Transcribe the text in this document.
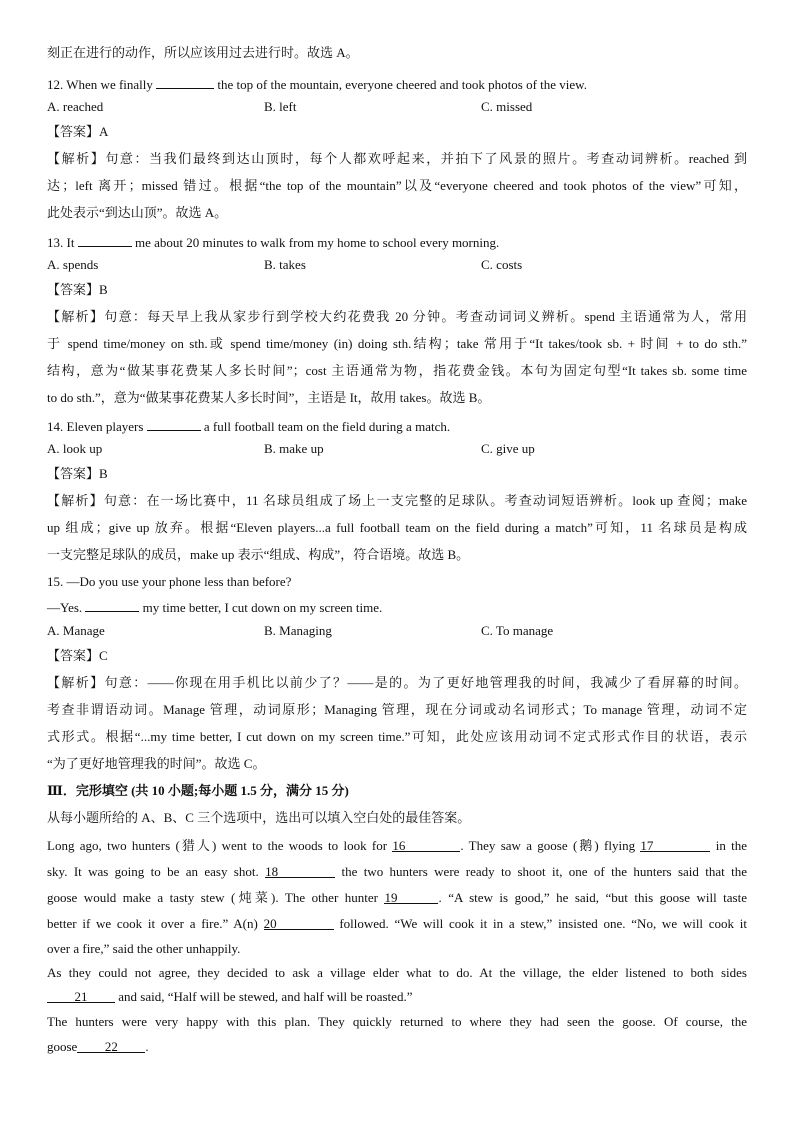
刻正在进行的动作，所以应该用过去进行时。故选 A。
12. When we finally	the top of the mountain, everyone cheered and took photos of the view.
A. reached	B. left	C. missed
【答案】A
【解析】句意：当我们最终到达山顶时，每个人都欢呼起来，并拍下了风景的照片。考查动词辨析。reached 到
达；left 离开；missed 错过。根据“the top of the mountain”以及“everyone cheered and took photos of the view”可知，
此处表示“到达山顶”。故选 A。
13. It	me about 20 minutes to walk from my home to school every morning.
A. spends	B. takes	C. costs
【答案】B
【解析】句意：每天早上我从家步行到学校大约花费我 20 分钟。考查动词词义辨析。spend 主语通常为人，常用
于 spend time/money on sth.或 spend time/money (in) doing sth.结构；take 常用于“It takes/took sb. + 时间 + to do sth.”
结构，意为“做某事花费某人多长时间”；cost 主语通常为物，指花费金钱。本句为固定句型“It takes sb. some time
to do sth.”，意为“做某事花费某人多长时间”，主语是 It，故用 takes。故选 B。
14. Eleven players	a full football team on the field during a match.
A. look up	B. make up	C. give up
【答案】B
【解析】句意：在一场比赛中，11 名球员组成了场上一支完整的足球队。考查动词短语辨析。look up 查阅；make
up 组成；give up 放弃。根据“Eleven players...a full football team on the field during a match”可知，11 名球员是构成
一支完整足球队的成员，make up 表示“组成、构成”，符合语境。故选 B。
15. —Do you use your phone less than before?
—Yes.	my time better, I cut down on my screen time.
A. Manage	B. Managing	C. To manage
【答案】C
【解析】句意：——你现在用手机比以前少了？——是的。为了更好地管理我的时间，我减少了看屏幕的时间。
考查非谓语动词。Manage 管理，动词原形；Managing 管理，现在分词或动名词形式；To manage 管理，动词不定
式形式。根据“...my time better, I cut down on my screen time.”可知，此处应该用动词不定式形式作目的状语，表示
“为了更好地管理我的时间”。故选 C。
Ⅲ．完形填空 (共 10 小题;每小题 1.5 分，满分 15 分)
从每小题所给的 A、B、C 三个选项中，选出可以填入空白处的最佳答案。
Long ago, two hunters (猎人) went to the woods to look for 16	. They saw a goose (鹅) flying 17	in the
sky. It was going to be an easy shot. 18	the two hunters were ready to shoot it, one of the hunters said that the
goose would make a tasty stew (炖菜). The other hunter 19	. “A stew is good,” he said, “but this goose will taste
better if we cook it over a fire.” A(n) 20	followed. “We will cook it in a stew,” insisted one. “No, we will cook it
over a fire,” said the other unhappily.
As they could not agree, they decided to ask a village elder what to do. At the village, the elder listened to both sides
21 and said, “Half will be stewed, and half will be roasted.”
The hunters were very happy with this plan. They quickly returned to where they had seen the goose. Of course, the
goose 22 .
